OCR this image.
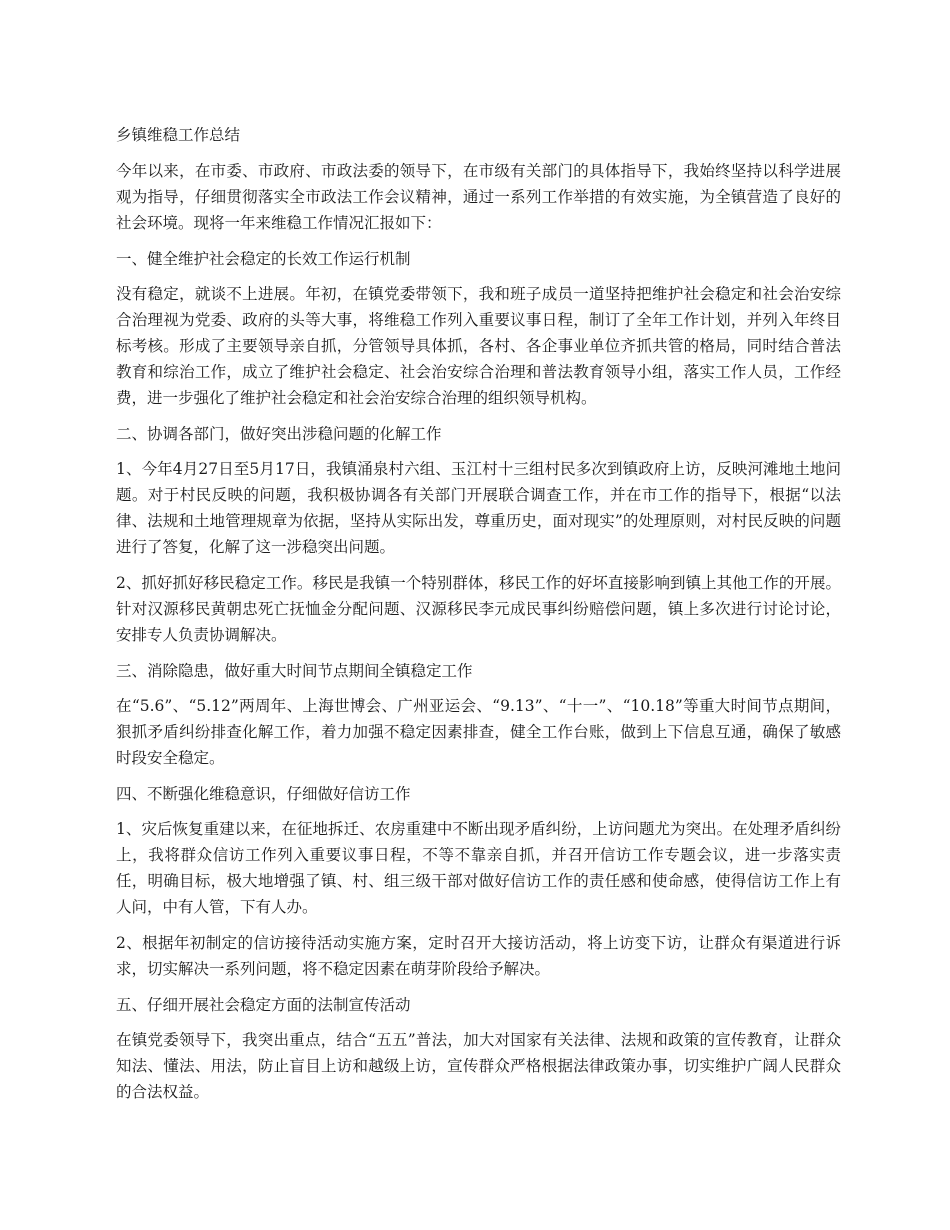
乡镇维稳工作总结

今年以来，在市委、市政府、市政法委的领导下，在市级有关部门的具体指导下，我始终坚持以科学进展观为指导，仔细贯彻落实全市政法工作会议精神，通过一系列工作举措的有效实施，为全镇营造了良好的社会环境。现将一年来维稳工作情况汇报如下：

一、健全维护社会稳定的长效工作运行机制

没有稳定，就谈不上进展。年初，在镇党委带领下，我和班子成员一道坚持把维护社会稳定和社会治安综合治理视为党委、政府的头等大事，将维稳工作列入重要议事日程，制订了全年工作计划，并列入年终目标考核。形成了主要领导亲自抓，分管领导具体抓，各村、各企事业单位齐抓共管的格局，同时结合普法教育和综治工作，成立了维护社会稳定、社会治安综合治理和普法教育领导小组，落实工作人员，工作经费，进一步强化了维护社会稳定和社会治安综合治理的组织领导机构。

二、协调各部门，做好突出涉稳问题的化解工作

1、今年4月27日至5月17日，我镇涌泉村六组、玉江村十三组村民多次到镇政府上访，反映河滩地土地问题。对于村民反映的问题，我积极协调各有关部门开展联合调查工作，并在市工作的指导下，根据“以法律、法规和土地管理规章为依据，坚持从实际出发，尊重历史，面对现实”的处理原则，对村民反映的问题进行了答复，化解了这一涉稳突出问题。

2、抓好抓好移民稳定工作。移民是我镇一个特别群体，移民工作的好坏直接影响到镇上其他工作的开展。针对汉源移民黄朝忠死亡抚恤金分配问题、汉源移民李元成民事纠纷赔偿问题，镇上多次进行讨论讨论，安排专人负责协调解决。

三、消除隐患，做好重大时间节点期间全镇稳定工作

在“5.6”、“5.12”两周年、上海世博会、广州亚运会、“9.13”、“十一”、“10.18”等重大时间节点期间，狠抓矛盾纠纷排查化解工作，着力加强不稳定因素排查，健全工作台账，做到上下信息互通，确保了敏感时段安全稳定。

四、不断强化维稳意识，仔细做好信访工作

1、灾后恢复重建以来，在征地拆迁、农房重建中不断出现矛盾纠纷，上访问题尤为突出。在处理矛盾纠纷上，我将群众信访工作列入重要议事日程，不等不靠亲自抓，并召开信访工作专题会议，进一步落实责任，明确目标，极大地增强了镇、村、组三级干部对做好信访工作的责任感和使命感，使得信访工作上有人问，中有人管，下有人办。

2、根据年初制定的信访接待活动实施方案，定时召开大接访活动，将上访变下访，让群众有渠道进行诉求，切实解决一系列问题，将不稳定因素在萌芽阶段给予解决。

五、仔细开展社会稳定方面的法制宣传活动

在镇党委领导下，我突出重点，结合“五五”普法，加大对国家有关法律、法规和政策的宣传教育，让群众知法、懂法、用法，防止盲目上访和越级上访，宣传群众严格根据法律政策办事，切实维护广阔人民群众的合法权益。
